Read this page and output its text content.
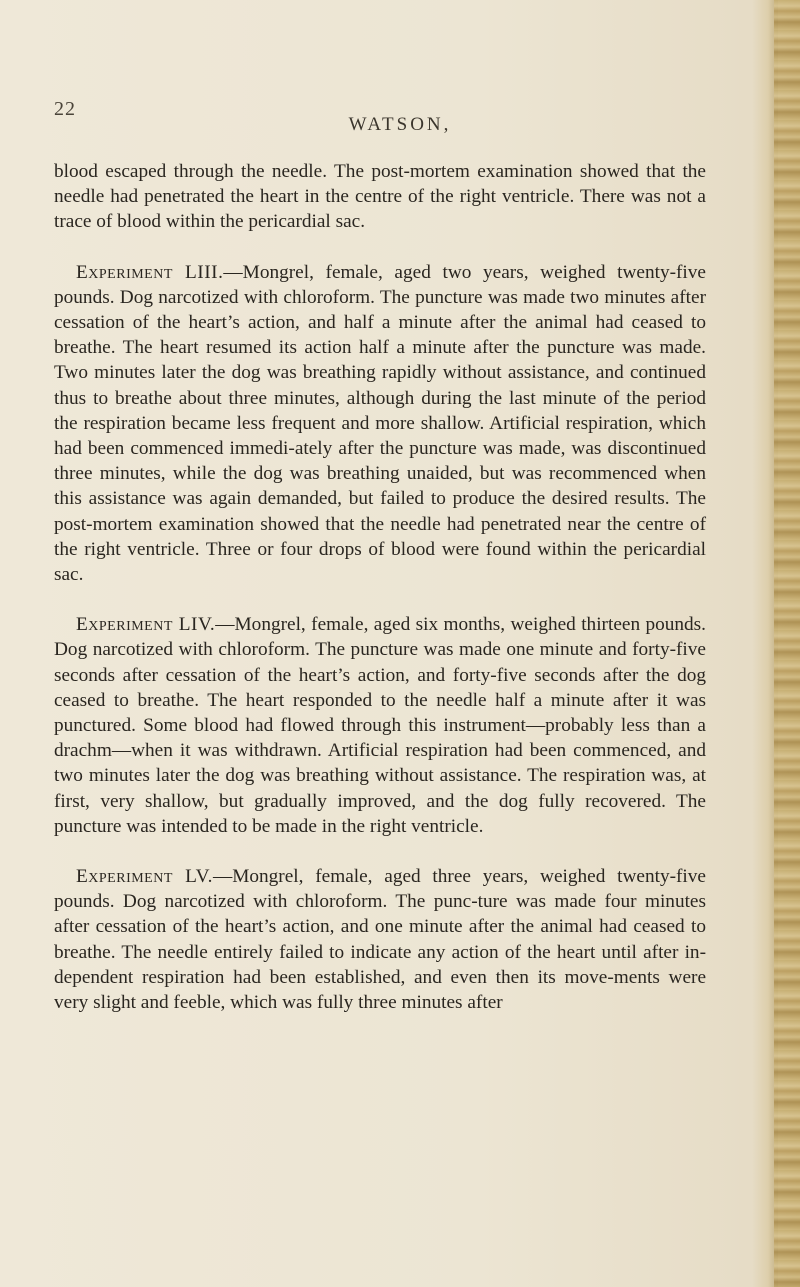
22
WATSON,

blood escaped through the needle. The post-mortem examination showed that the needle had penetrated the heart in the centre of the right ventricle. There was not a trace of blood within the pericardial sac.

Experiment LIII.—Mongrel, female, aged two years, weighed twenty-five pounds. Dog narcotized with chloroform. The puncture was made two minutes after cessation of the heart’s action, and half a minute after the animal had ceased to breathe. The heart resumed its action half a minute after the puncture was made. Two minutes later the dog was breathing rapidly without assistance, and continued thus to breathe about three minutes, although during the last minute of the period the respiration became less frequent and more shallow. Artificial respiration, which had been commenced immedi-ately after the puncture was made, was discontinued three minutes, while the dog was breathing unaided, but was recommenced when this assistance was again demanded, but failed to produce the desired results. The post-mortem examination showed that the needle had penetrated near the centre of the right ventricle. Three or four drops of blood were found within the pericardial sac.

Experiment LIV.—Mongrel, female, aged six months, weighed thirteen pounds. Dog narcotized with chloroform. The puncture was made one minute and forty-five seconds after cessation of the heart’s action, and forty-five seconds after the dog ceased to breathe. The heart responded to the needle half a minute after it was punctured. Some blood had flowed through this instrument—probably less than a drachm—when it was withdrawn. Artificial respiration had been commenced, and two minutes later the dog was breathing without assistance. The respiration was, at first, very shallow, but gradually improved, and the dog fully recovered. The puncture was intended to be made in the right ventricle.

Experiment LV.—Mongrel, female, aged three years, weighed twenty-five pounds. Dog narcotized with chloroform. The punc-ture was made four minutes after cessation of the heart’s action, and one minute after the animal had ceased to breathe. The needle entirely failed to indicate any action of the heart until after in-dependent respiration had been established, and even then its move-ments were very slight and feeble, which was fully three minutes after
